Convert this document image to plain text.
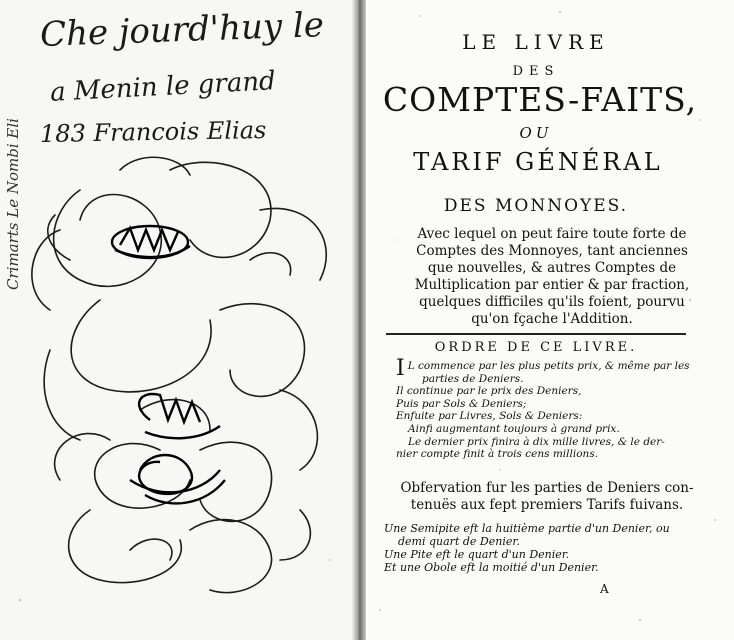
Che jourd'huy le
a Menin le grand
183 Francois Elias
Crimarts Le Nombi Eli
LE LIVRE
DES
COMPTES-FAITS,
OU
TARIF GÉNÉRAL
DES MONNOYES.
Avec lequel on peut faire toute forte de
Comptes des Monnoyes, tant anciennes
que nouvelles, & autres Comptes de
Multiplication par entier & par fraction,
quelques difficiles qu'ils foient, pourvu
qu'on fçache l'Addition.
ORDRE DE CE LIVRE.
I L commence par les plus petits prix, & même par les
parties de Deniers.
Il continue par le prix des Deniers,
Puis par Sols & Deniers;
Enfuite par Livres, Sols & Deniers:
Ainfi augmentant toujours à grand prix.
Le dernier prix finira à dix mille livres, & le der-
nier compte finit à trois cens millions.
Obfervation fur les parties de Deniers con-
tenuës aux fept premiers Tarifs fuivans.
Une Semipite eft la huitième partie d'un Denier, ou
demi quart de Denier.
Une Pite eft le quart d'un Denier.
Et une Obole eft la moitié d'un Denier.
A
